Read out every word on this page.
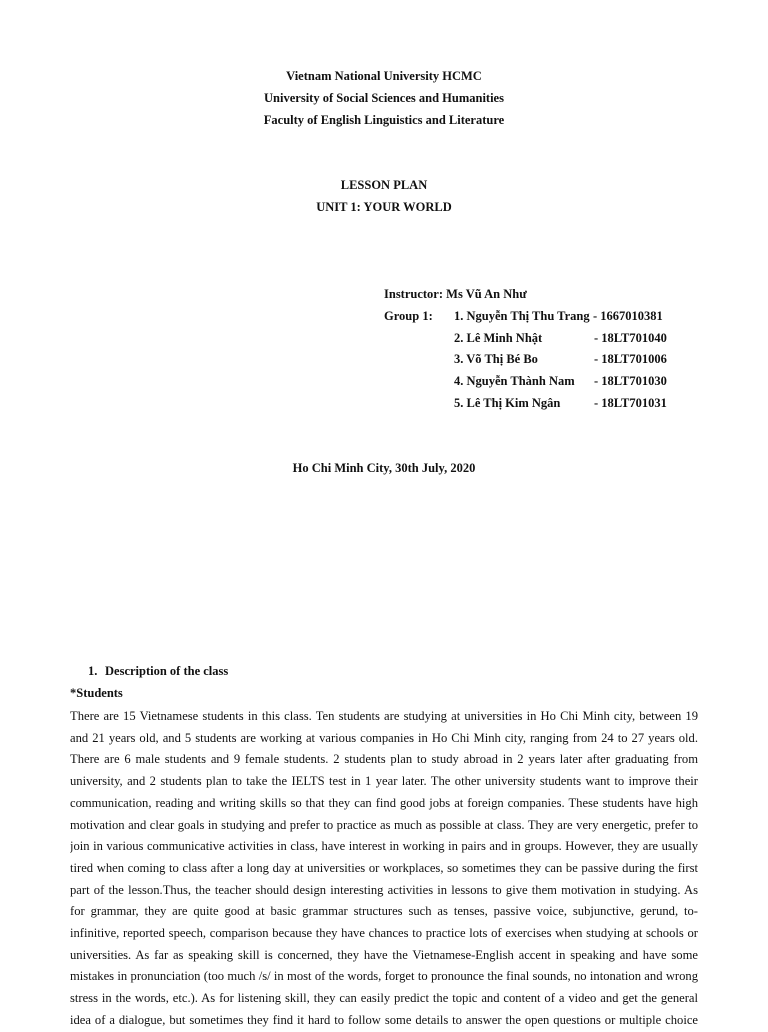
Vietnam National University HCMC
University of Social Sciences and Humanities
Faculty of English Linguistics and Literature
LESSON PLAN
UNIT 1: YOUR WORLD
Instructor: Ms Vũ An Như
Group 1: 1. Nguyễn Thị Thu Trang - 1667010381
2. Lê Minh Nhật	- 18LT701040
3. Võ Thị Bé Bo	- 18LT701006
4. Nguyễn Thành Nam - 18LT701030
5. Lê Thị Kim Ngân	- 18LT701031
Ho Chi Minh City, 30th July, 2020
1. Description of the class
*Students
There are 15 Vietnamese students in this class. Ten students are studying at universities in Ho Chi Minh city, between 19
and 21 years old, and 5 students are working at various companies in Ho Chi Minh city, ranging from 24 to 27 years old.
There are 6 male students and 9 female students. 2 students plan to study abroad in 2 years later after graduating from
university, and 2 students plan to take the IELTS test in 1 year later. The other university students want to improve their
communication, reading and writing skills so that they can find good jobs at foreign companies. These students have high
motivation and clear goals in studying and prefer to practice as much as possible at class. They are very energetic, prefer to
join in various communicative activities in class, have interest in working in pairs and in groups. However, they are usually
tired when coming to class after a long day at universities or workplaces, so sometimes they can be passive during the first
part of the lesson.Thus, the teacher should design interesting activities in lessons to give them motivation in studying. As
for grammar, they are quite good at basic grammar structures such as tenses, passive voice, subjunctive, gerund, to-
infinitive, reported speech, comparison because they have chances to practice lots of exercises when studying at schools or
universities. As far as speaking skill is concerned, they have the Vietnamese-English accent in speaking and have some
mistakes in pronunciation (too much /s/ in most of the words, forget to pronounce the final sounds, no intonation and wrong
stress in the words, etc.). As for listening skill, they can easily predict the topic and content of a video and get the general
idea of a dialogue, but sometimes they find it hard to follow some details to answer the open questions or multiple choice
